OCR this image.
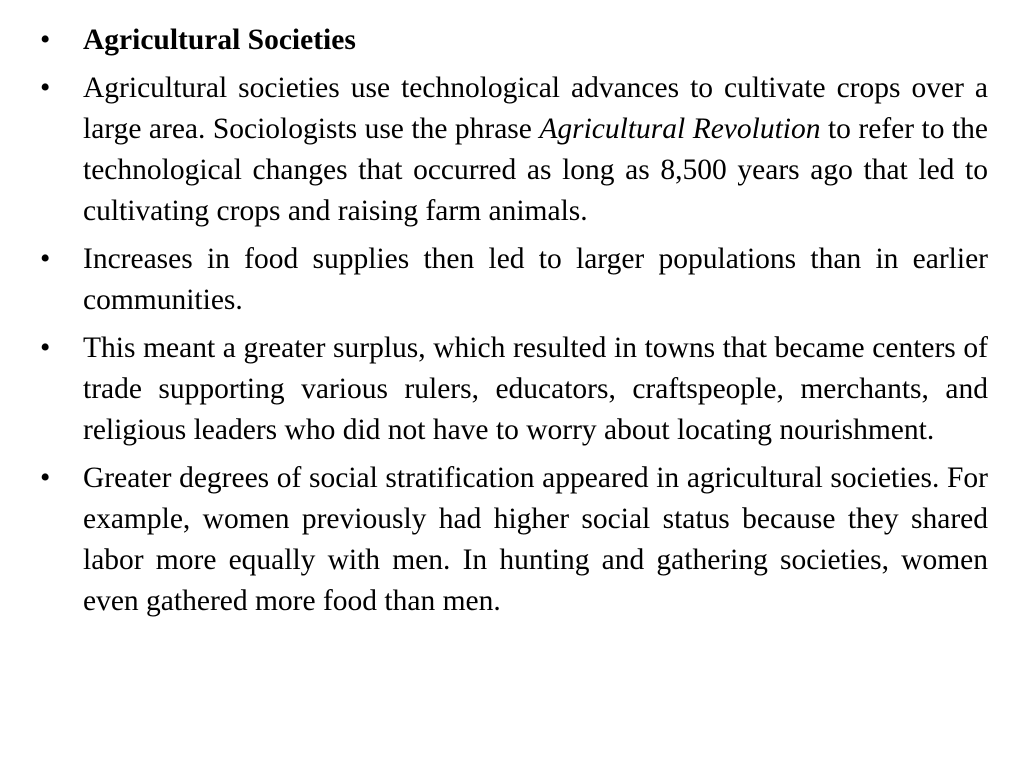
•	Agricultural Societies
•	Agricultural societies use technological advances to cultivate crops over a large area. Sociologists use the phrase Agricultural Revolution to refer to the technological changes that occurred as long as 8,500 years ago that led to cultivating crops and raising farm animals.
•	Increases in food supplies then led to larger populations than in earlier communities.
•	This meant a greater surplus, which resulted in towns that became centers of trade supporting various rulers, educators, craftspeople, merchants, and religious leaders who did not have to worry about locating nourishment.
•	Greater degrees of social stratification appeared in agricultural societies. For example, women previously had higher social status because they shared labor more equally with men. In hunting and gathering societies, women even gathered more food than men.
